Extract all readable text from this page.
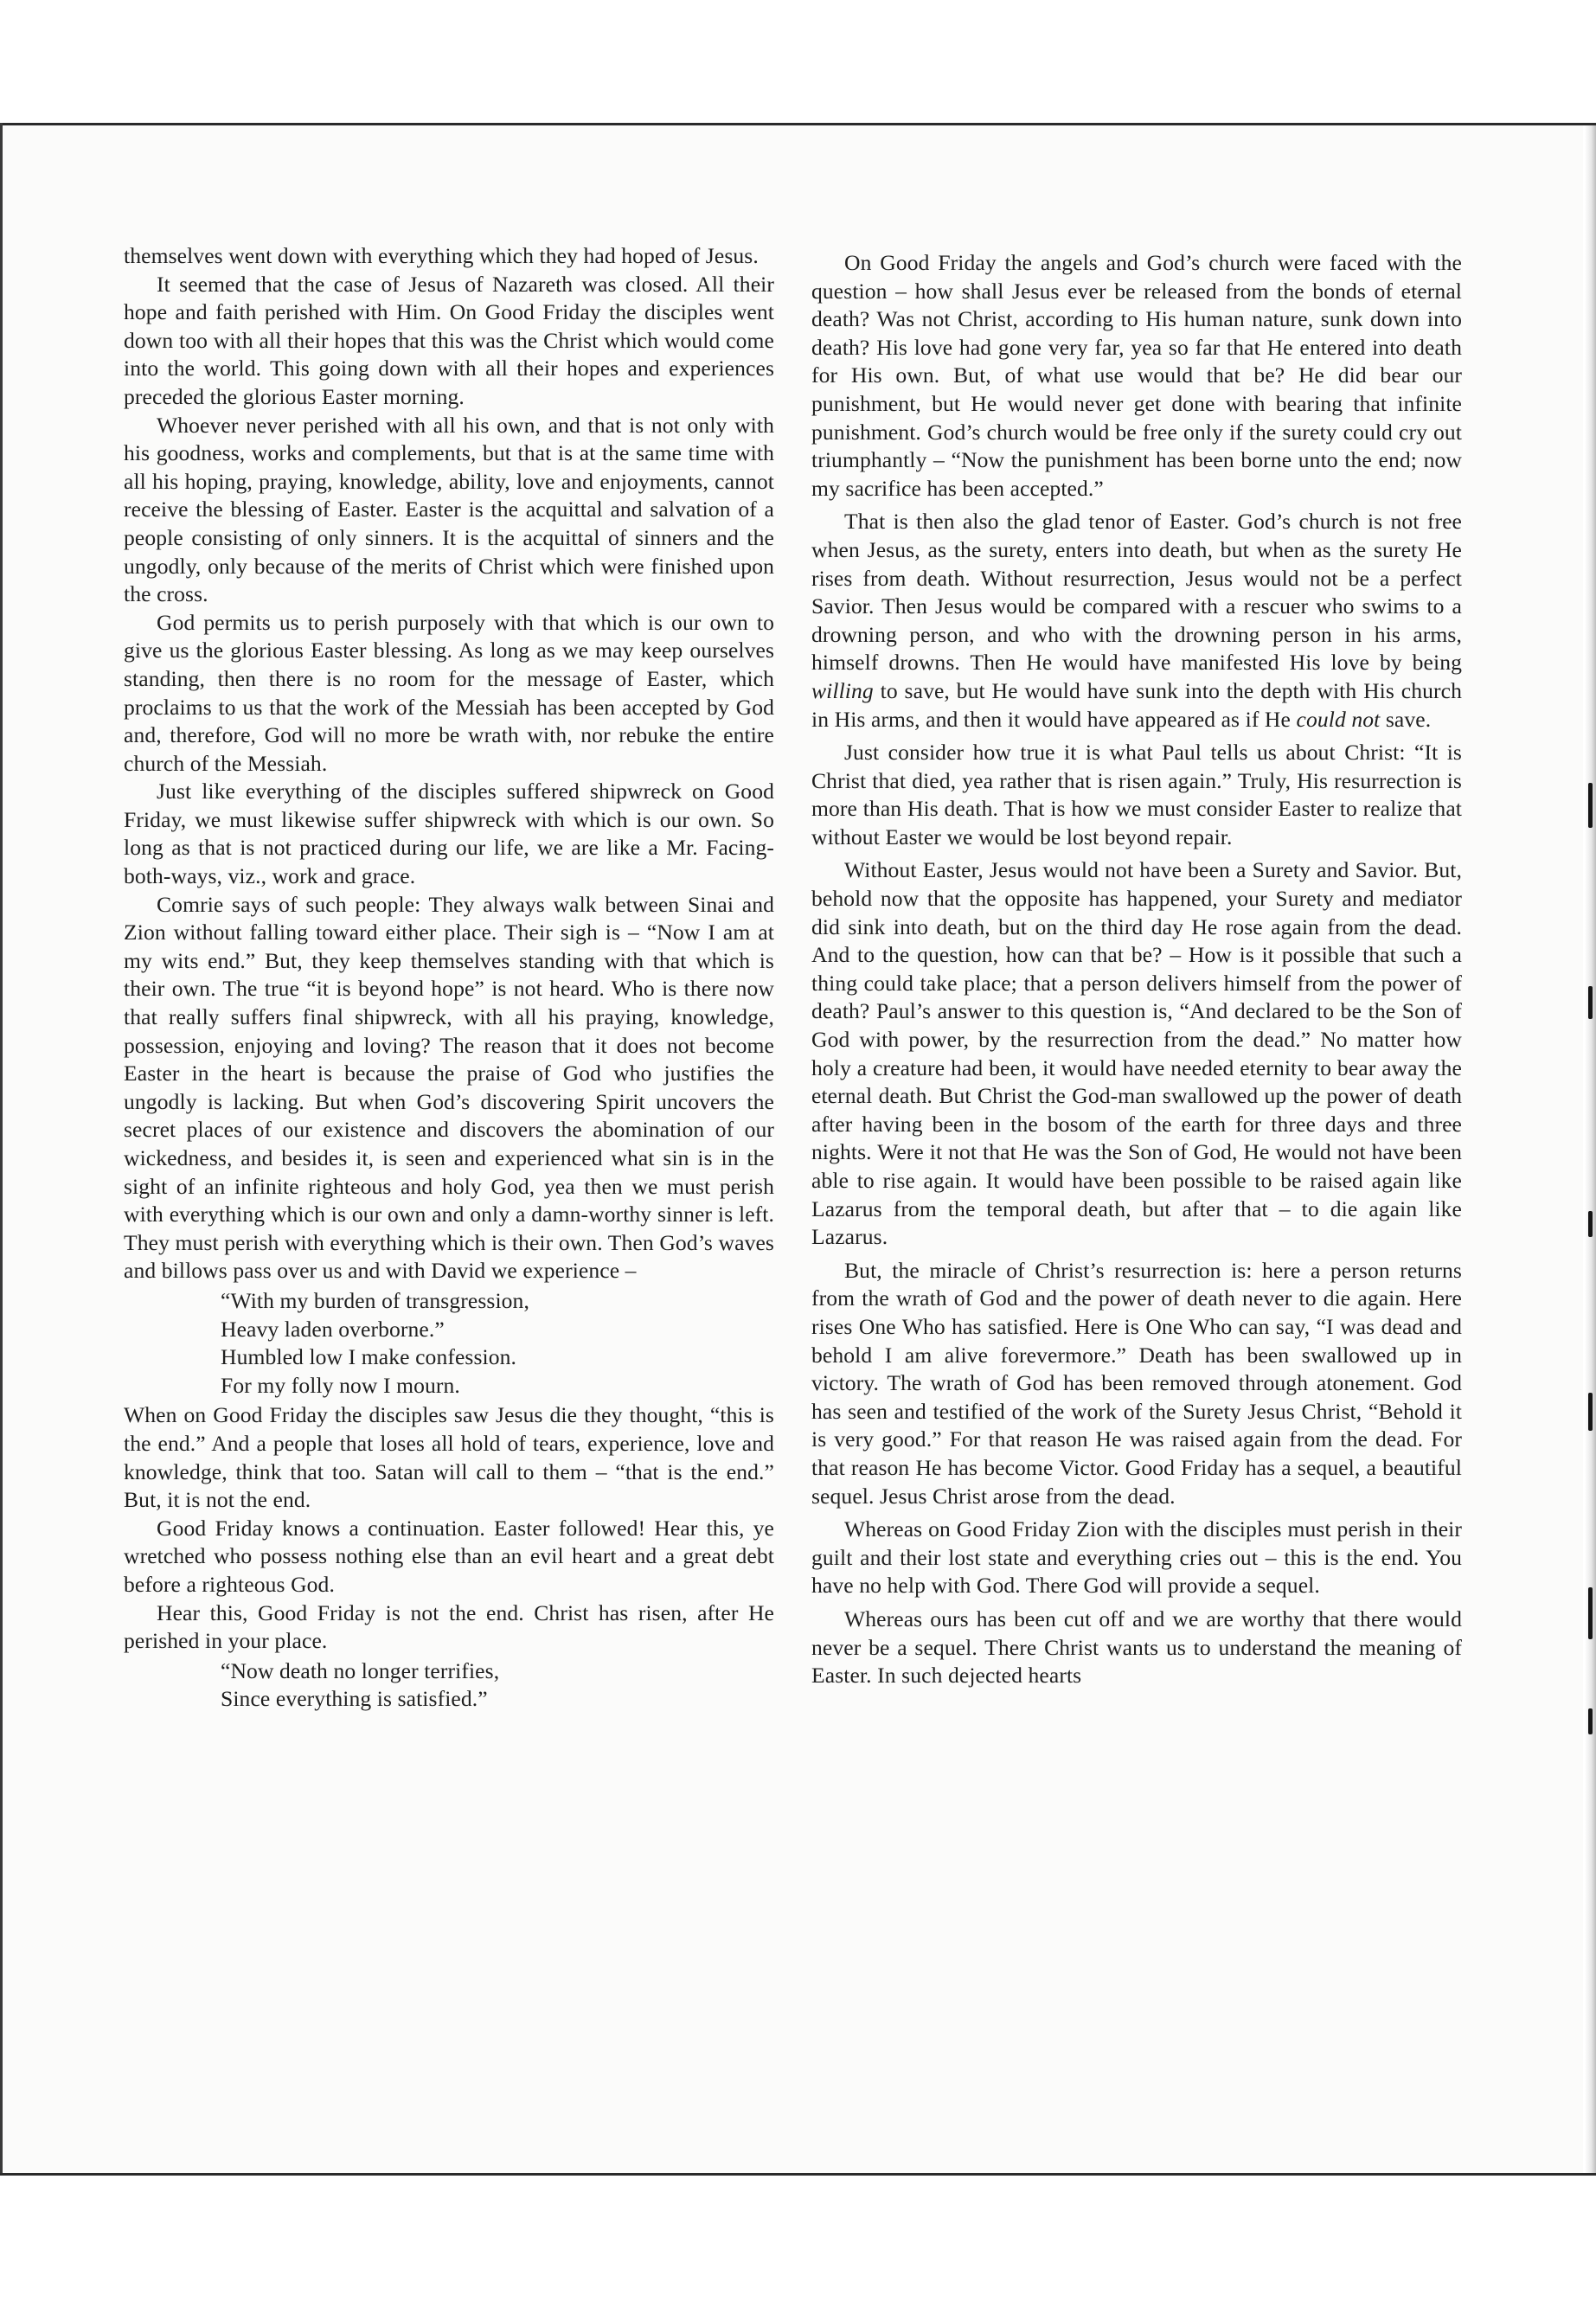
themselves went down with everything which they had hoped of Jesus.

It seemed that the case of Jesus of Nazareth was closed. All their hope and faith perished with Him. On Good Friday the disciples went down too with all their hopes that this was the Christ which would come into the world. This going down with all their hopes and experiences preceded the glorious Easter morning.

Whoever never perished with all his own, and that is not only with his goodness, works and complements, but that is at the same time with all his hoping, praying, knowledge, ability, love and enjoyments, cannot receive the blessing of Easter. Easter is the acquittal and salvation of a people consisting of only sinners. It is the acquittal of sinners and the ungodly, only because of the merits of Christ which were finished upon the cross.

God permits us to perish purposely with that which is our own to give us the glorious Easter blessing. As long as we may keep ourselves standing, then there is no room for the message of Easter, which proclaims to us that the work of the Messiah has been accepted by God and, therefore, God will no more be wrath with, nor rebuke the entire church of the Messiah.

Just like everything of the disciples suffered shipwreck on Good Friday, we must likewise suffer shipwreck with which is our own. So long as that is not practiced during our life, we are like a Mr. Facing-both-ways, viz., work and grace.

Comrie says of such people: They always walk between Sinai and Zion without falling toward either place. Their sigh is – “Now I am at my wits end.” But, they keep themselves standing with that which is their own. The true “it is beyond hope” is not heard. Who is there now that really suffers final shipwreck, with all his praying, knowledge, possession, enjoying and loving? The reason that it does not become Easter in the heart is because the praise of God who justifies the ungodly is lacking. But when God’s discovering Spirit uncovers the secret places of our existence and discovers the abomination of our wickedness, and besides it, is seen and experienced what sin is in the sight of an infinite righteous and holy God, yea then we must perish with everything which is our own and only a damn-worthy sinner is left. They must perish with everything which is their own. Then God’s waves and billows pass over us and with David we experience –

“With my burden of transgression,
Heavy laden overborne.”
Humbled low I make confession.
For my folly now I mourn.

When on Good Friday the disciples saw Jesus die they thought, “this is the end.” And a people that loses all hold of tears, experience, love and knowledge, think that too. Satan will call to them – “that is the end.” But, it is not the end.

Good Friday knows a continuation. Easter followed! Hear this, ye wretched who possess nothing else than an evil heart and a great debt before a righteous God.

Hear this, Good Friday is not the end. Christ has risen, after He perished in your place.

“Now death no longer terrifies,
Since everything is satisfied.”

On Good Friday the angels and God’s church were faced with the question – how shall Jesus ever be released from the bonds of eternal death? Was not Christ, according to His human nature, sunk down into death? His love had gone very far, yea so far that He entered into death for His own. But, of what use would that be? He did bear our punishment, but He would never get done with bearing that infinite punishment. God’s church would be free only if the surety could cry out triumphantly – “Now the punishment has been borne unto the end; now my sacrifice has been accepted.”

That is then also the glad tenor of Easter. God’s church is not free when Jesus, as the surety, enters into death, but when as the surety He rises from death. Without resurrection, Jesus would not be a perfect Savior. Then Jesus would be compared with a rescuer who swims to a drowning person, and who with the drowning person in his arms, himself drowns. Then He would have manifested His love by being willing to save, but He would have sunk into the depth with His church in His arms, and then it would have appeared as if He could not save.

Just consider how true it is what Paul tells us about Christ: “It is Christ that died, yea rather that is risen again.” Truly, His resurrection is more than His death. That is how we must consider Easter to realize that without Easter we would be lost beyond repair.

Without Easter, Jesus would not have been a Surety and Savior. But, behold now that the opposite has happened, your Surety and mediator did sink into death, but on the third day He rose again from the dead. And to the question, how can that be? – How is it possible that such a thing could take place; that a person delivers himself from the power of death? Paul’s answer to this question is, “And declared to be the Son of God with power, by the resurrection from the dead.” No matter how holy a creature had been, it would have needed eternity to bear away the eternal death. But Christ the God-man swallowed up the power of death after having been in the bosom of the earth for three days and three nights. Were it not that He was the Son of God, He would not have been able to rise again. It would have been possible to be raised again like Lazarus from the temporal death, but after that – to die again like Lazarus.

But, the miracle of Christ’s resurrection is: here a person returns from the wrath of God and the power of death never to die again. Here rises One Who has satisfied. Here is One Who can say, “I was dead and behold I am alive forevermore.” Death has been swallowed up in victory. The wrath of God has been removed through atonement. God has seen and testified of the work of the Surety Jesus Christ, “Behold it is very good.” For that reason He was raised again from the dead. For that reason He has become Victor. Good Friday has a sequel, a beautiful sequel. Jesus Christ arose from the dead.

Whereas on Good Friday Zion with the disciples must perish in their guilt and their lost state and everything cries out – this is the end. You have no help with God. There God will provide a sequel.

Whereas ours has been cut off and we are worthy that there would never be a sequel. There Christ wants us to understand the meaning of Easter. In such dejected hearts
